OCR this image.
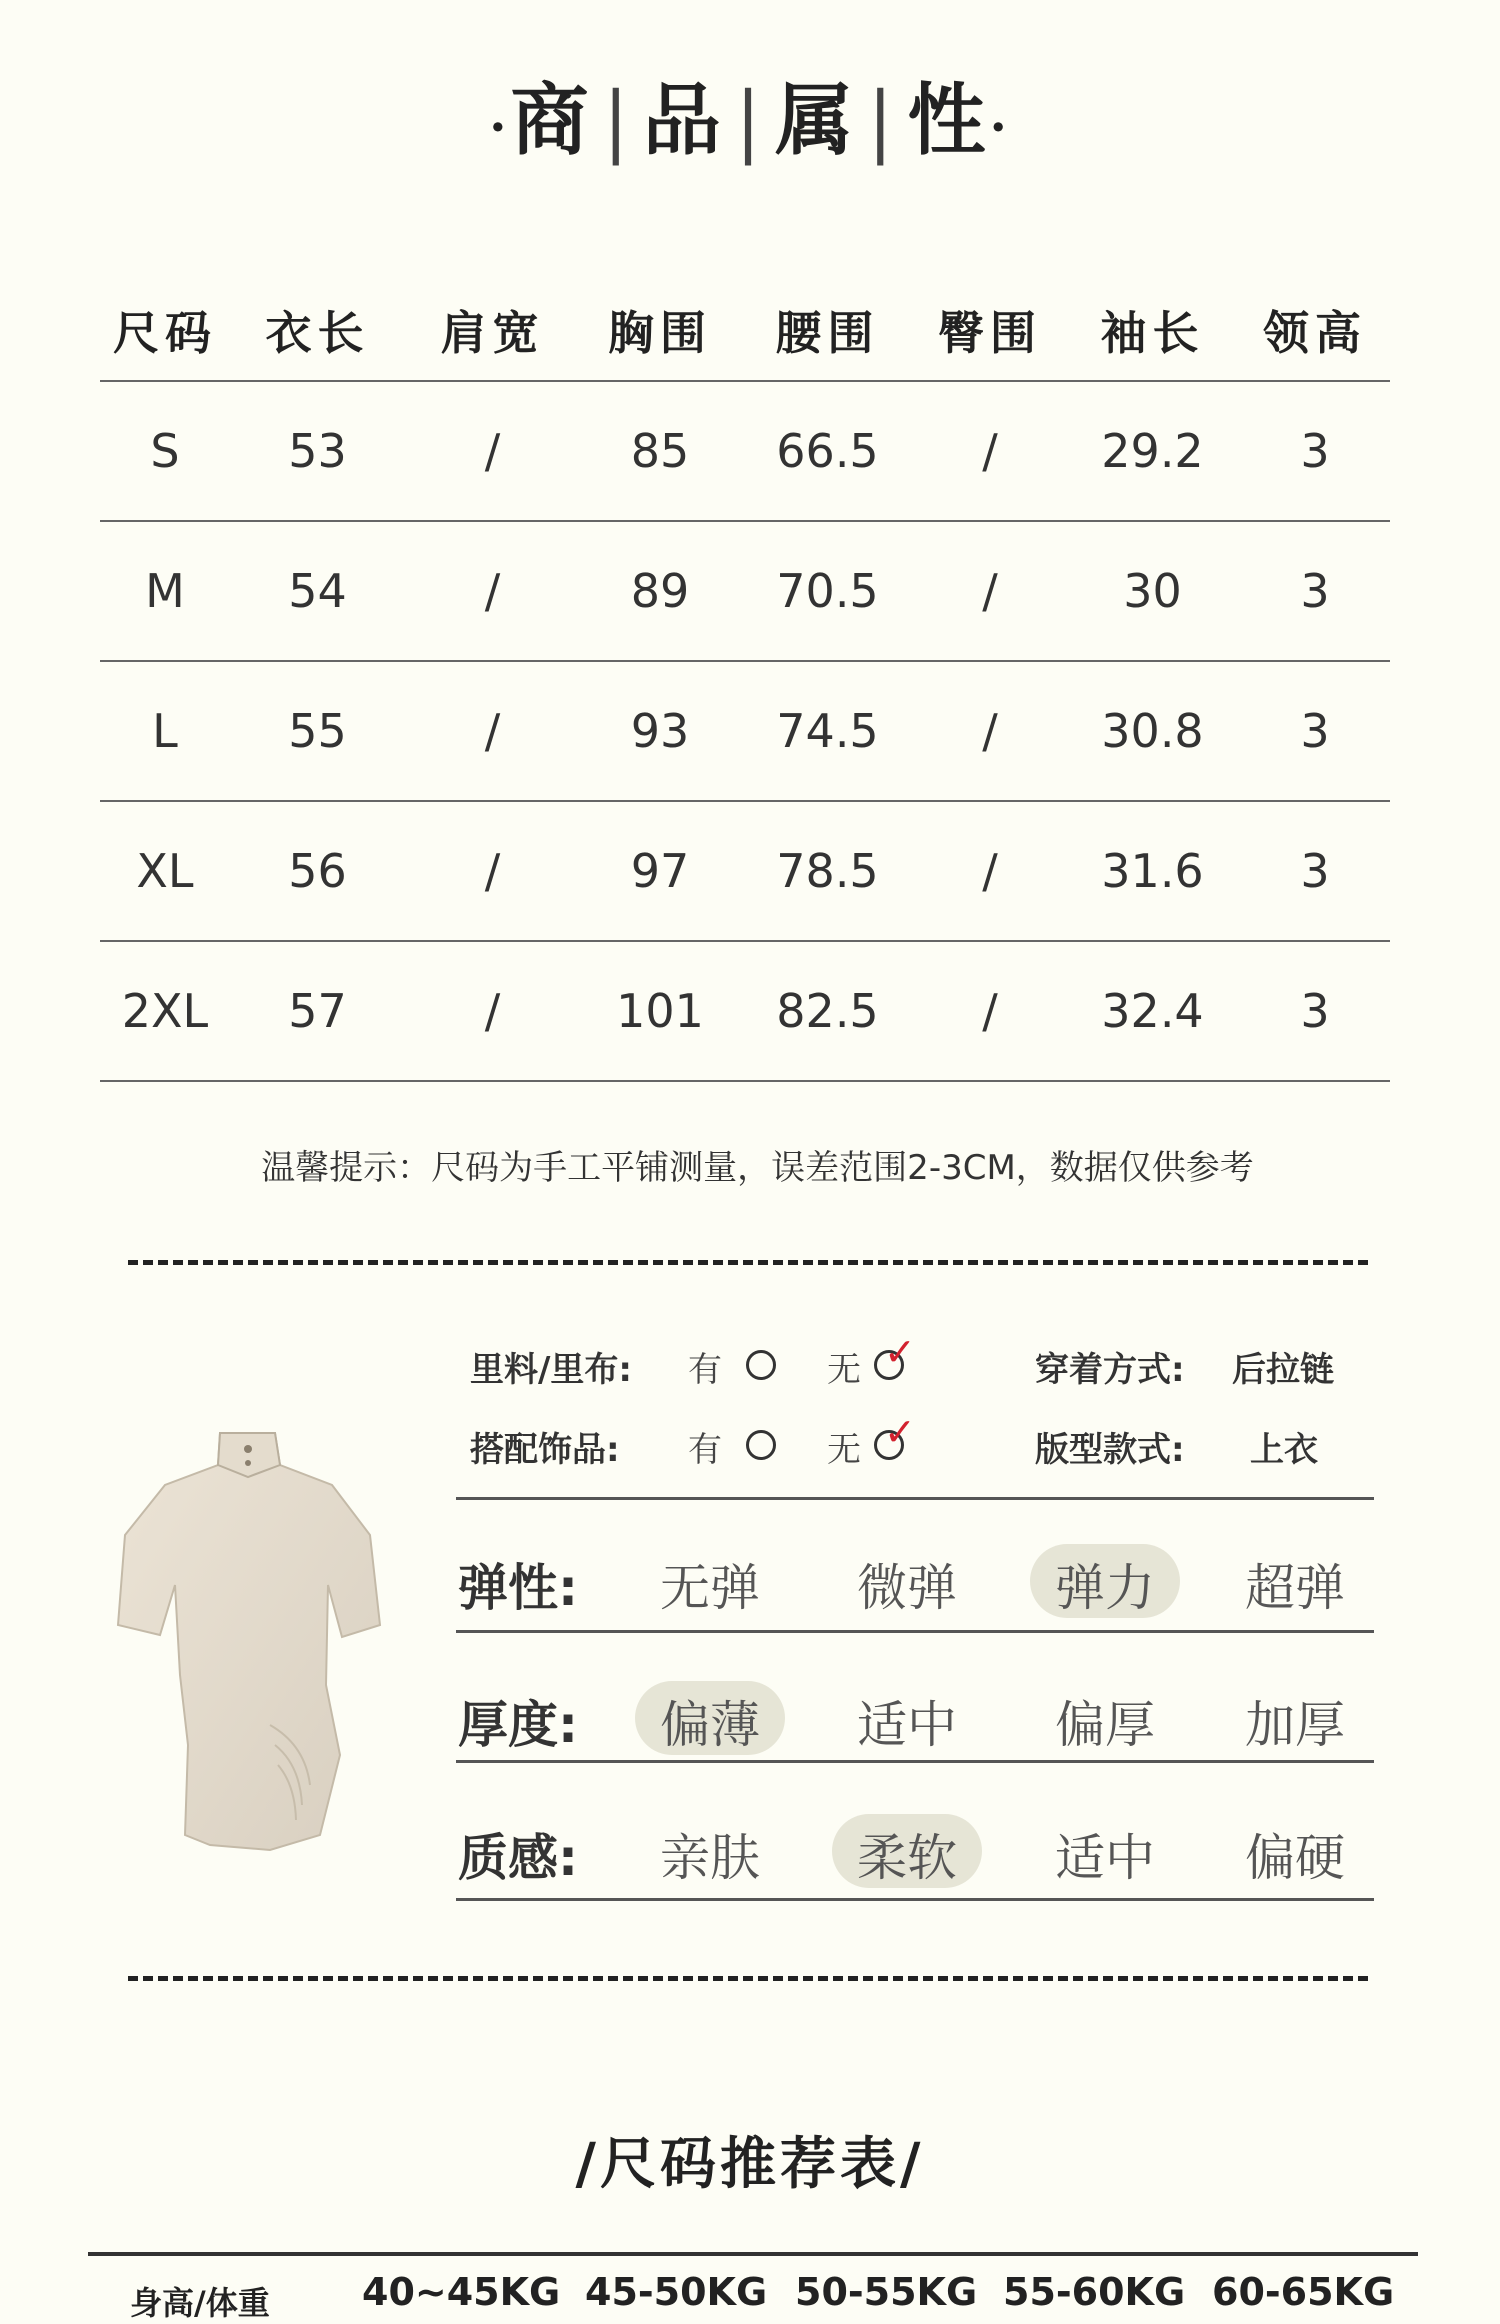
·商 | 品 | 属 | 性·
尺码	衣长	肩宽	胸围	腰围	臀围	袖长	领高
S	53	/	85	66.5	/	29.2	3
M	54	/	89	70.5	/	30	3
L	55	/	93	74.5	/	30.8	3
XL	56	/	97	78.5	/	31.6	3
2XL	57	/	101	82.5	/	32.4	3
温馨提示：尺码为手工平铺测量，误差范围2-3CM，数据仅供参考
里料/里布: 有	无 ✓	穿着方式: 后拉链
搭配饰品: 有	无 ✓	版型款式: 上衣
弹性:	无弹	微弹	弹力	超弹
厚度:	偏薄	适中	偏厚	加厚
质感:	亲肤	柔软	适中	偏硬
/尺码推荐表/
身高/体重 40~45KG 45-50KG 50-55KG 55-60KG 60-65KG
